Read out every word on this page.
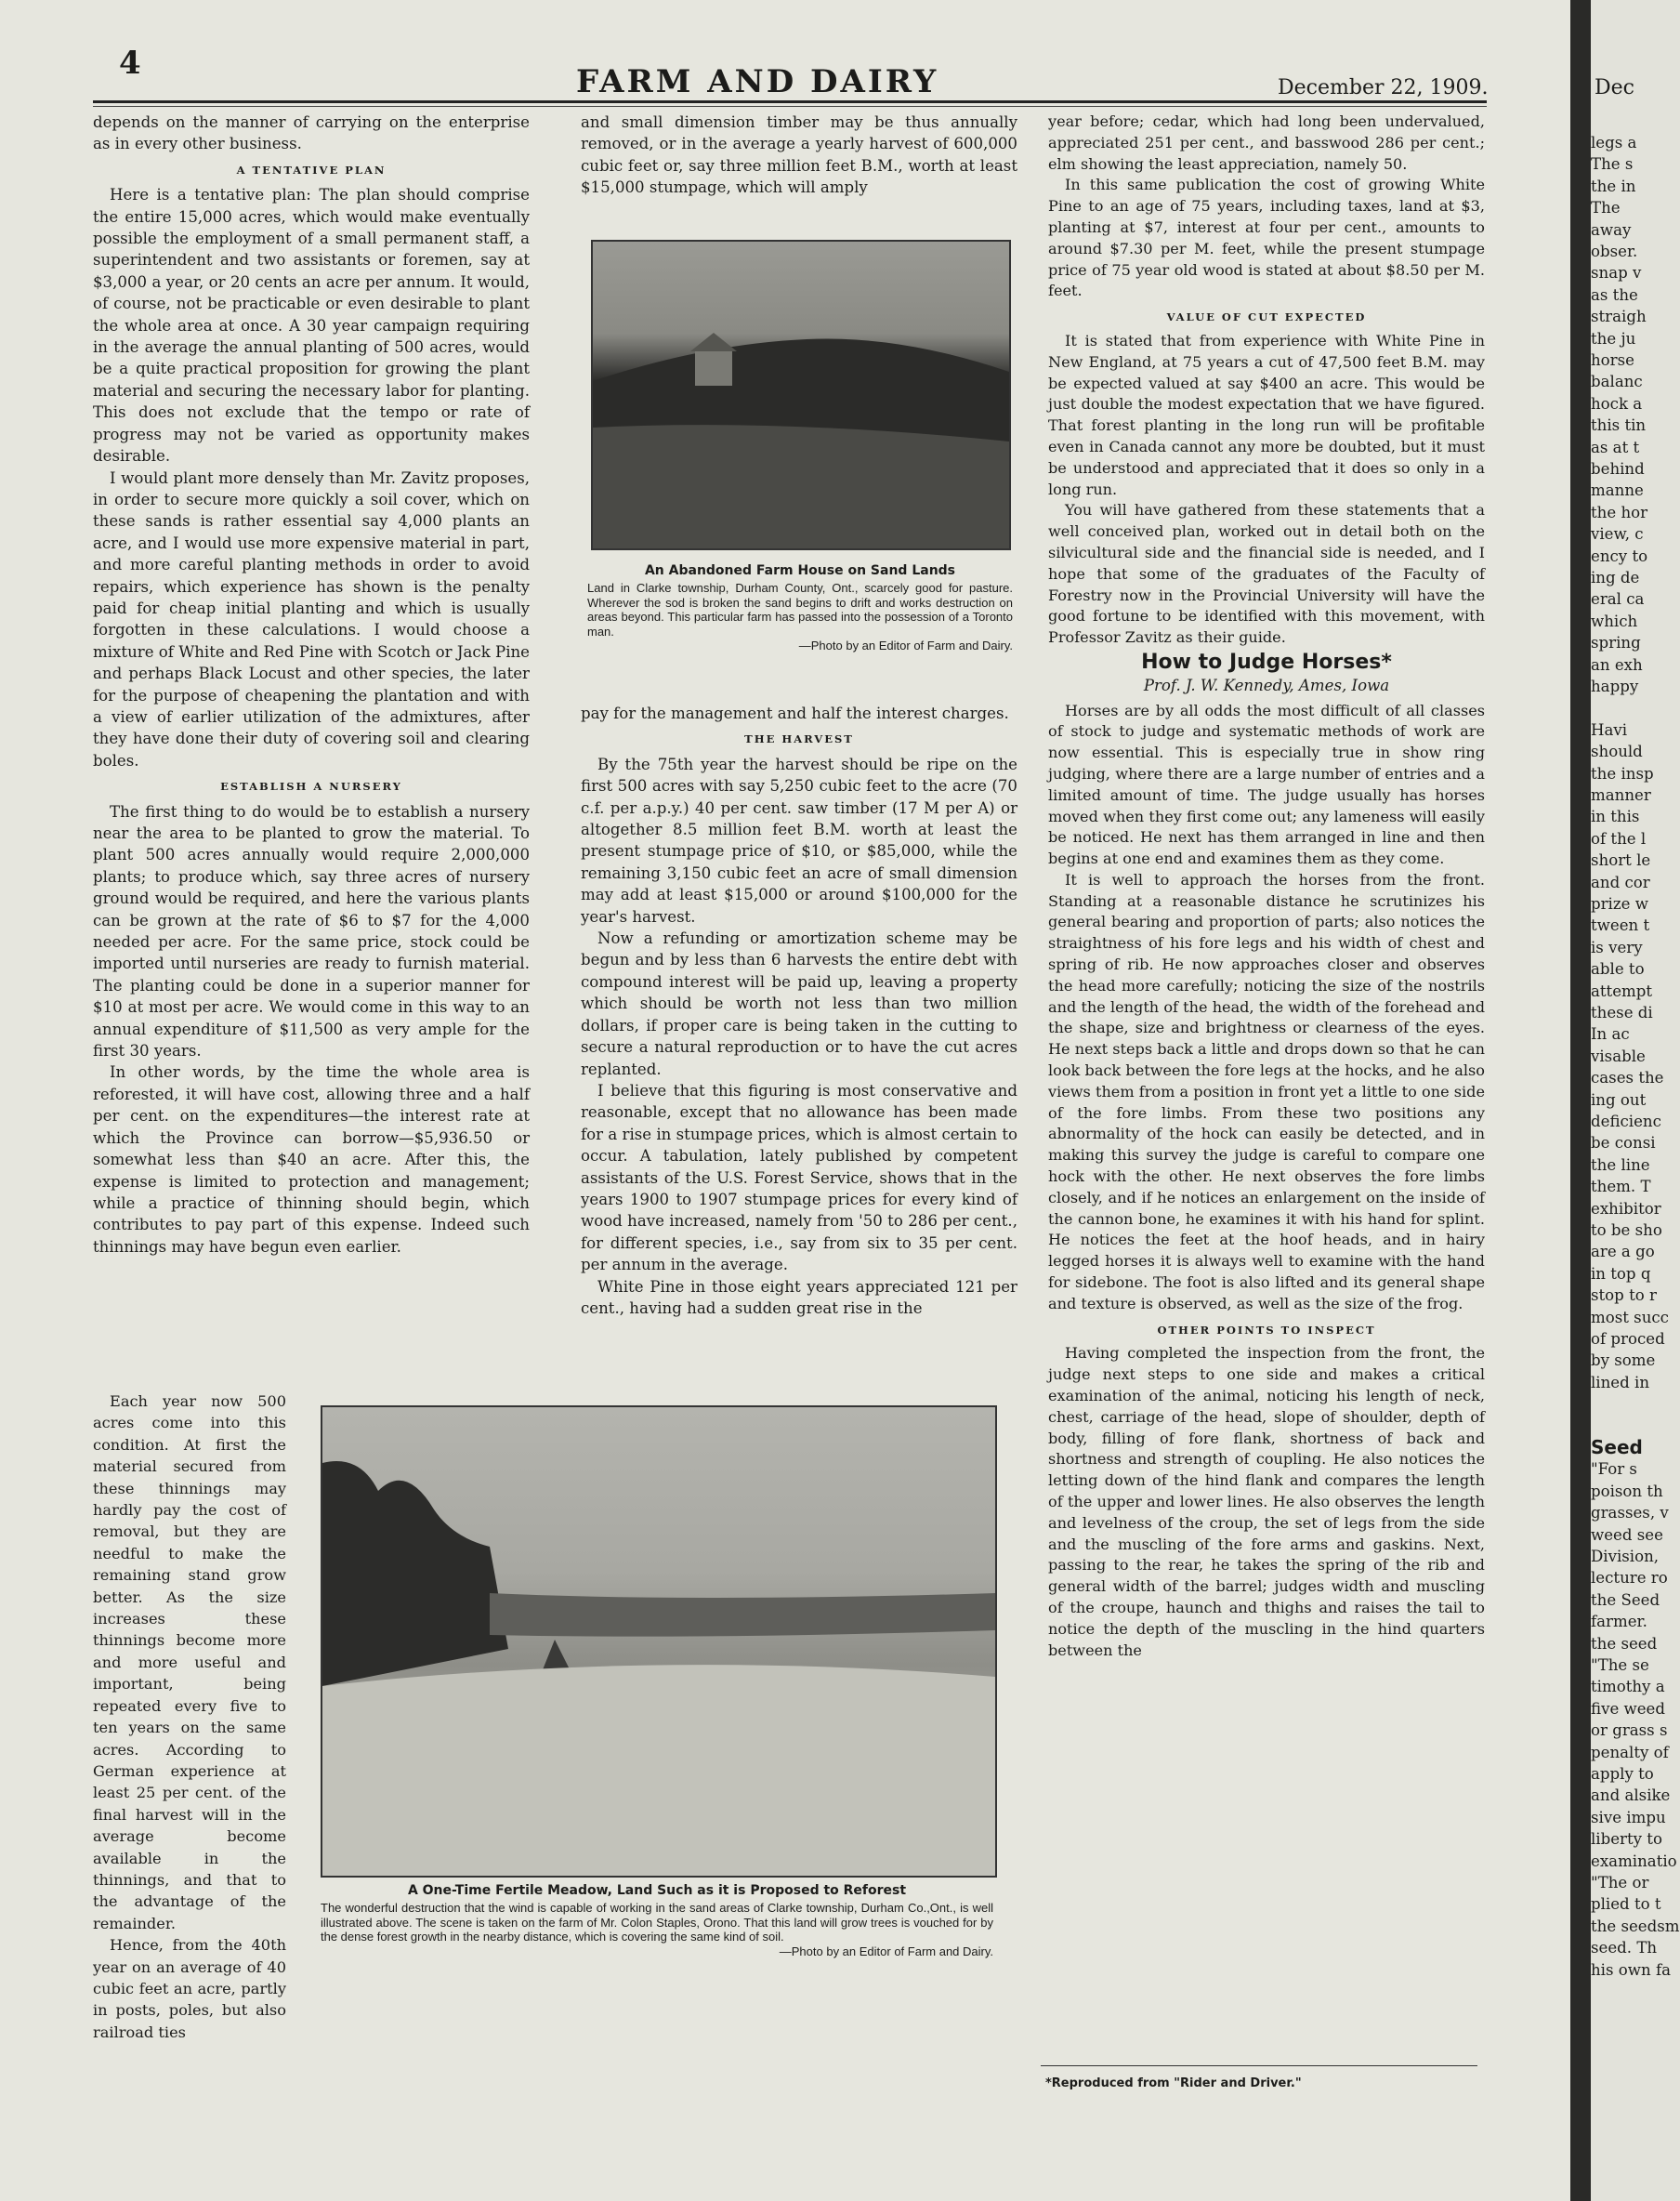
4	FARM AND DAIRY	December 22, 1909.

depends on the manner of carrying on the enterprise as in every other business.

A TENTATIVE PLAN

Here is a tentative plan: The plan should comprise the entire 15,000 acres, which would make eventually possible the employment of a small permanent staff, a superintendent and two assistants or foremen, say at $3,000 a year, or 20 cents an acre per annum. It would, of course, not be practicable or even desirable to plant the whole area at once. A 30 year campaign requiring in the average the annual planting of 500 acres, would be a quite practical proposition for growing the plant material and securing the necessary labor for planting. This does not exclude that the tempo or rate of progress may not be varied as opportunity makes desirable.

I would plant more densely than Mr. Zavitz proposes, in order to secure more quickly a soil cover, which on these sands is rather essential say 4,000 plants an acre, and I would use more expensive material in part, and more careful planting methods in order to avoid repairs, which experience has shown is the penalty paid for cheap initial planting and which is usually forgotten in these calculations. I would choose a mixture of White and Red Pine with Scotch or Jack Pine and perhaps Black Locust and other species, the later for the purpose of cheapening the plantation and with a view of earlier utilization of the admixtures, after they have done their duty of covering soil and clearing boles.

ESTABLISH A NURSERY

The first thing to do would be to establish a nursery near the area to be planted to grow the material. To plant 500 acres annually would require 2,000,000 plants; to produce which, say three acres of nursery ground would be required, and here the various plants can be grown at the rate of $6 to $7 for the 4,000 needed per acre. For the same price, stock could be imported until nurseries are ready to furnish material. The planting could be done in a superior manner for $10 at most per acre. We would come in this way to an annual expenditure of $11,500 as very ample for the first 30 years.

In other words, by the time the whole area is reforested, it will have cost, allowing three and a half per cent. on the expenditures—the interest rate at which the Province can borrow—$5,936.50 or somewhat less than $40 an acre. After this, the expense is limited to protection and management; while a practice of thinning should begin, which contributes to pay part of this expense. Indeed such thinnings may have begun even earlier.

Each year now 500 acres come into this condition. At first the material secured from these thinnings may hardly pay the cost of removal, but they are needful to make the remaining stand grow better. As the size increases these thinnings become more and more useful and important, being repeated every five to ten years on the same acres. According to German experience at least 25 per cent. of the final harvest will in the average become available in the thinnings, and that to the advantage of the remainder.

Hence, from the 40th year on an average of 40 cubic feet an acre, partly in posts, poles, but also railroad ties

and small dimension timber may be thus annually removed, or in the average a yearly harvest of 600,000 cubic feet or, say three million feet B.M., worth at least $15,000 stumpage, which will amply

An Abandoned Farm House on Sand Lands
Land in Clarke township, Durham County, Ont., scarcely good for pasture. Wherever the sod is broken the sand begins to drift and works destruction on areas beyond. This particular farm has passed into the possession of a Toronto man.
—Photo by an Editor of Farm and Dairy.

pay for the management and half the interest charges.

THE HARVEST

By the 75th year the harvest should be ripe on the first 500 acres with say 5,250 cubic feet to the acre (70 c.f. per a.p.y.) 40 per cent. saw timber (17 M per A) or altogether 8.5 million feet B.M. worth at least the present stumpage price of $10, or $85,000, while the remaining 3,150 cubic feet an acre of small dimension may add at least $15,000 or around $100,000 for the year's harvest.

Now a refunding or amortization scheme may be begun and by less than 6 harvests the entire debt with compound interest will be paid up, leaving a property which should be worth not less than two million dollars, if proper care is being taken in the cutting to secure a natural reproduction or to have the cut acres replanted.

I believe that this figuring is most conservative and reasonable, except that no allowance has been made for a rise in stumpage prices, which is almost certain to occur. A tabulation, lately published by competent assistants of the U.S. Forest Service, shows that in the years 1900 to 1907 stumpage prices for every kind of wood have increased, namely from '50 to 286 per cent., for different species, i.e., say from six to 35 per cent. per annum in the average.

White Pine in those eight years appreciated 121 per cent., having had a sudden great rise in the

A One-Time Fertile Meadow, Land Such as it is Proposed to Reforest
The wonderful destruction that the wind is capable of working in the sand areas of Clarke township, Durham Co.,Ont., is well illustrated above. The scene is taken on the farm of Mr. Colon Staples, Orono. That this land will grow trees is vouched for by the dense forest growth in the nearby distance, which is covering the same kind of soil.
—Photo by an Editor of Farm and Dairy.

year before; cedar, which had long been undervalued, appreciated 251 per cent., and basswood 286 per cent.; elm showing the least appreciation, namely 50.

In this same publication the cost of growing White Pine to an age of 75 years, including taxes, land at $3, planting at $7, interest at four per cent., amounts to around $7.30 per M. feet, while the present stumpage price of 75 year old wood is stated at about $8.50 per M. feet.

VALUE OF CUT EXPECTED

It is stated that from experience with White Pine in New England, at 75 years a cut of 47,500 feet B.M. may be expected valued at say $400 an acre. This would be just double the modest expectation that we have figured. That forest planting in the long run will be profitable even in Canada cannot any more be doubted, but it must be understood and appreciated that it does so only in a long run.

You will have gathered from these statements that a well conceived plan, worked out in detail both on the silvicultural side and the financial side is needed, and I hope that some of the graduates of the Faculty of Forestry now in the Provincial University will have the good fortune to be identified with this movement, with Professor Zavitz as their guide.

How to Judge Horses*
Prof. J. W. Kennedy, Ames, Iowa

Horses are by all odds the most difficult of all classes of stock to judge and systematic methods of work are now essential. This is especially true in show ring judging, where there are a large number of entries and a limited amount of time. The judge usually has horses moved when they first come out; any lameness will easily be noticed. He next has them arranged in line and then begins at one end and examines them as they come.

It is well to approach the horses from the front. Standing at a reasonable distance he scrutinizes his general bearing and proportion of parts; also notices the straightness of his fore legs and his width of chest and spring of rib. He now approaches closer and observes the head more carefully; noticing the size of the nostrils and the length of the head, the width of the forehead and the shape, size and brightness or clearness of the eyes. He next steps back a little and drops down so that he can look back between the fore legs at the hocks, and he also views them from a position in front yet a little to one side of the fore limbs. From these two positions any abnormality of the hock can easily be detected, and in making this survey the judge is careful to compare one hock with the other. He next observes the fore limbs closely, and if he notices an enlargement on the inside of the cannon bone, he examines it with his hand for splint. He notices the feet at the hoof heads, and in hairy legged horses it is always well to examine with the hand for sidebone. The foot is also lifted and its general shape and texture is observed, as well as the size of the frog.

OTHER POINTS TO INSPECT

Having completed the inspection from the front, the judge next steps to one side and makes a critical examination of the animal, noticing his length of neck, chest, carriage of the head, slope of shoulder, depth of body, filling of fore flank, shortness of back and shortness and strength of coupling. He also notices the letting down of the hind flank and compares the length of the upper and lower lines. He also observes the length and levelness of the croup, the set of legs from the side and the muscling of the fore arms and gaskins. Next, passing to the rear, he takes the spring of the rib and general width of the barrel; judges width and muscling of the croupe, haunch and thighs and raises the tail to notice the depth of the muscling in the hind quarters between the

*Reproduced from "Rider and Driver."
Dec
legs a
The s
the in
The
away
obser.
snap v
as the
straigh
the ju
horse
balanc
hock a
this tin
as at t
behind
manne
the hor
view, c
ency to
ing de
eral ca
which
spring
an exh
happy
Havi
should
the insp
manner
in this
of the l
short le
and cor
prize w
tween t
is very
able to
attempt
these di
In ac
visable
cases the
ing out
deficienc
be consi
the line
them. T
exhibitor
to be sho
are a go
in top q
stop to r
most succ
of proced
by some
lined in
Seed
"For s
poison th
grasses, v
weed see
Division,
lecture ro
the Seed
farmer.
the seed
"The se
timothy a
five weed
or grass s
penalty of
apply to
and alsike
sive impu
liberty to
examinatio
"The or
plied to t
the seedsm
seed. Th
his own fa
